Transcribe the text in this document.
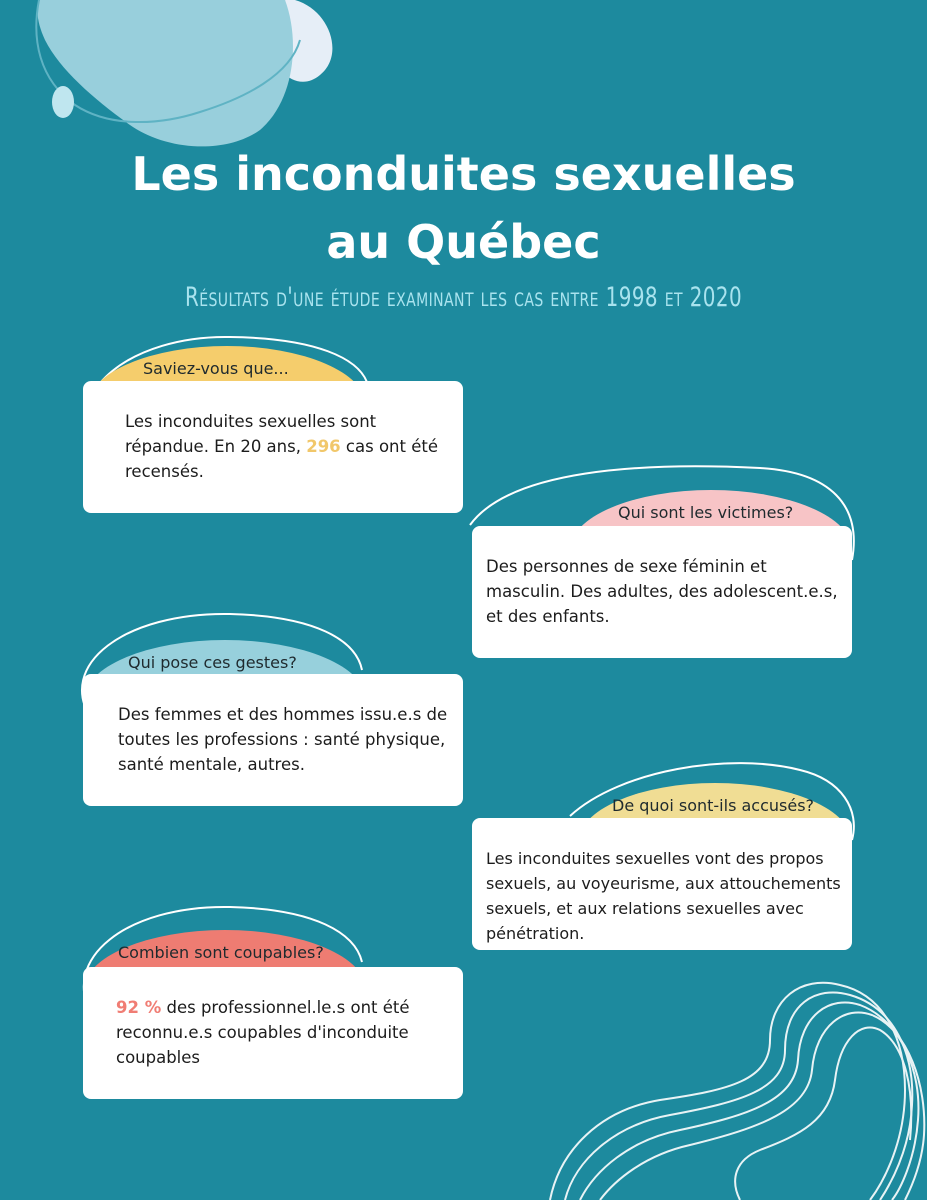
Les inconduites sexuelles
au Québec
Résultats d'une étude examinant les cas entre 1998 et 2020
Saviez-vous que...
Les inconduites sexuelles sont répandue. En 20 ans, 296 cas ont été recensés.
Qui sont les victimes?
Des personnes de sexe féminin et masculin. Des adultes, des adolescent.e.s, et des enfants.
Qui pose ces gestes?
Des femmes et des hommes issu.e.s de toutes les professions : santé physique, santé mentale, autres.
De quoi sont-ils accusés?
Les inconduites sexuelles vont des propos sexuels, au voyeurisme, aux attouchements sexuels, et aux relations sexuelles avec pénétration.
Combien sont coupables?
92 % des professionnel.le.s ont été reconnu.e.s coupables d'inconduite coupables
